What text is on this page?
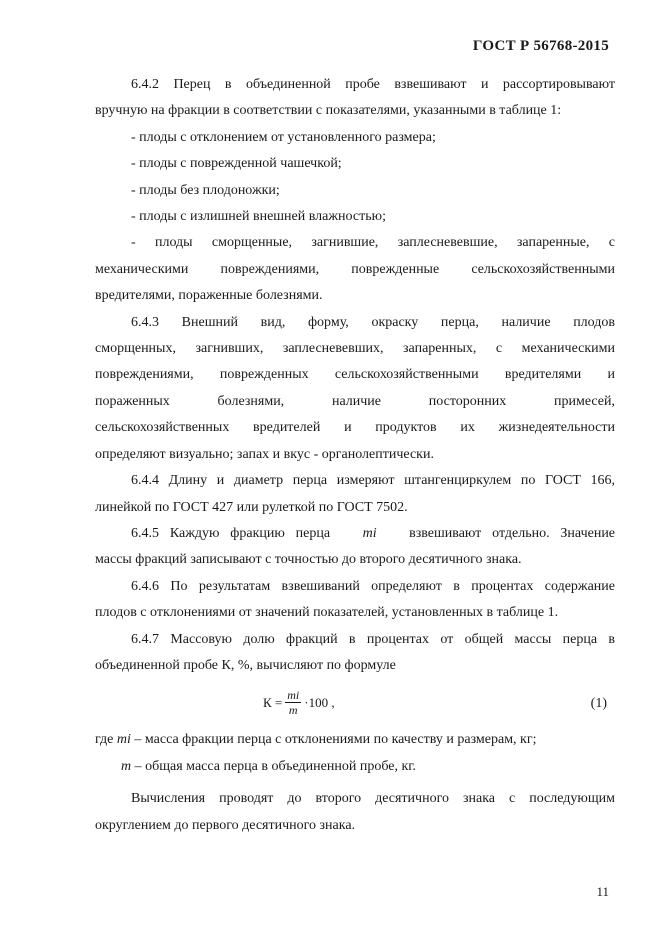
ГОСТ Р 56768-2015

6.4.2 Перец в объединенной пробе взвешивают и рассортировывают

вручную на фракции в соответствии с показателями, указанными в таблице 1:

- плоды с отклонением от установленного размера;

- плоды с поврежденной чашечкой;

- плоды без плодоножки;

- плоды с излишней внешней влажностью;

- плоды сморщенные, загнившие, заплесневевшие, запаренные, с

механическими повреждениями, поврежденные сельскохозяйственными

вредителями, пораженные болезнями.

6.4.3 Внешний вид, форму, окраску перца, наличие плодов

сморщенных, загнивших, заплесневевших, запаренных, с механическими

повреждениями, поврежденных сельскохозяйственными вредителями и

пораженных болезнями, наличие посторонних примесей,

сельскохозяйственных вредителей и продуктов их жизнедеятельности

определяют визуально; запах и вкус - органолептически.

6.4.4 Длину и диаметр перца измеряют штангенциркулем по ГОСТ 166,

линейкой по ГОСТ 427 или рулеткой по ГОСТ 7502.

6.4.5 Каждую фракцию перца mi взвешивают отдельно. Значение

массы фракций записывают с точностью до второго десятичного знака.

6.4.6 По результатам взвешиваний определяют в процентах содержание

плодов с отклонениями от значений показателей, установленных в таблице 1.

6.4.7 Массовую долю фракций в процентах от общей массы перца в

объединенной пробе К, %, вычисляют по формуле

$К = \frac{mi}{m} \cdot 100$ ,	(1)

где mi – масса фракции перца с отклонениями по качеству и размерам, кг;

m – общая масса перца в объединенной пробе, кг.

Вычисления проводят до второго десятичного знака с последующим

округлением до первого десятичного знака.

11
